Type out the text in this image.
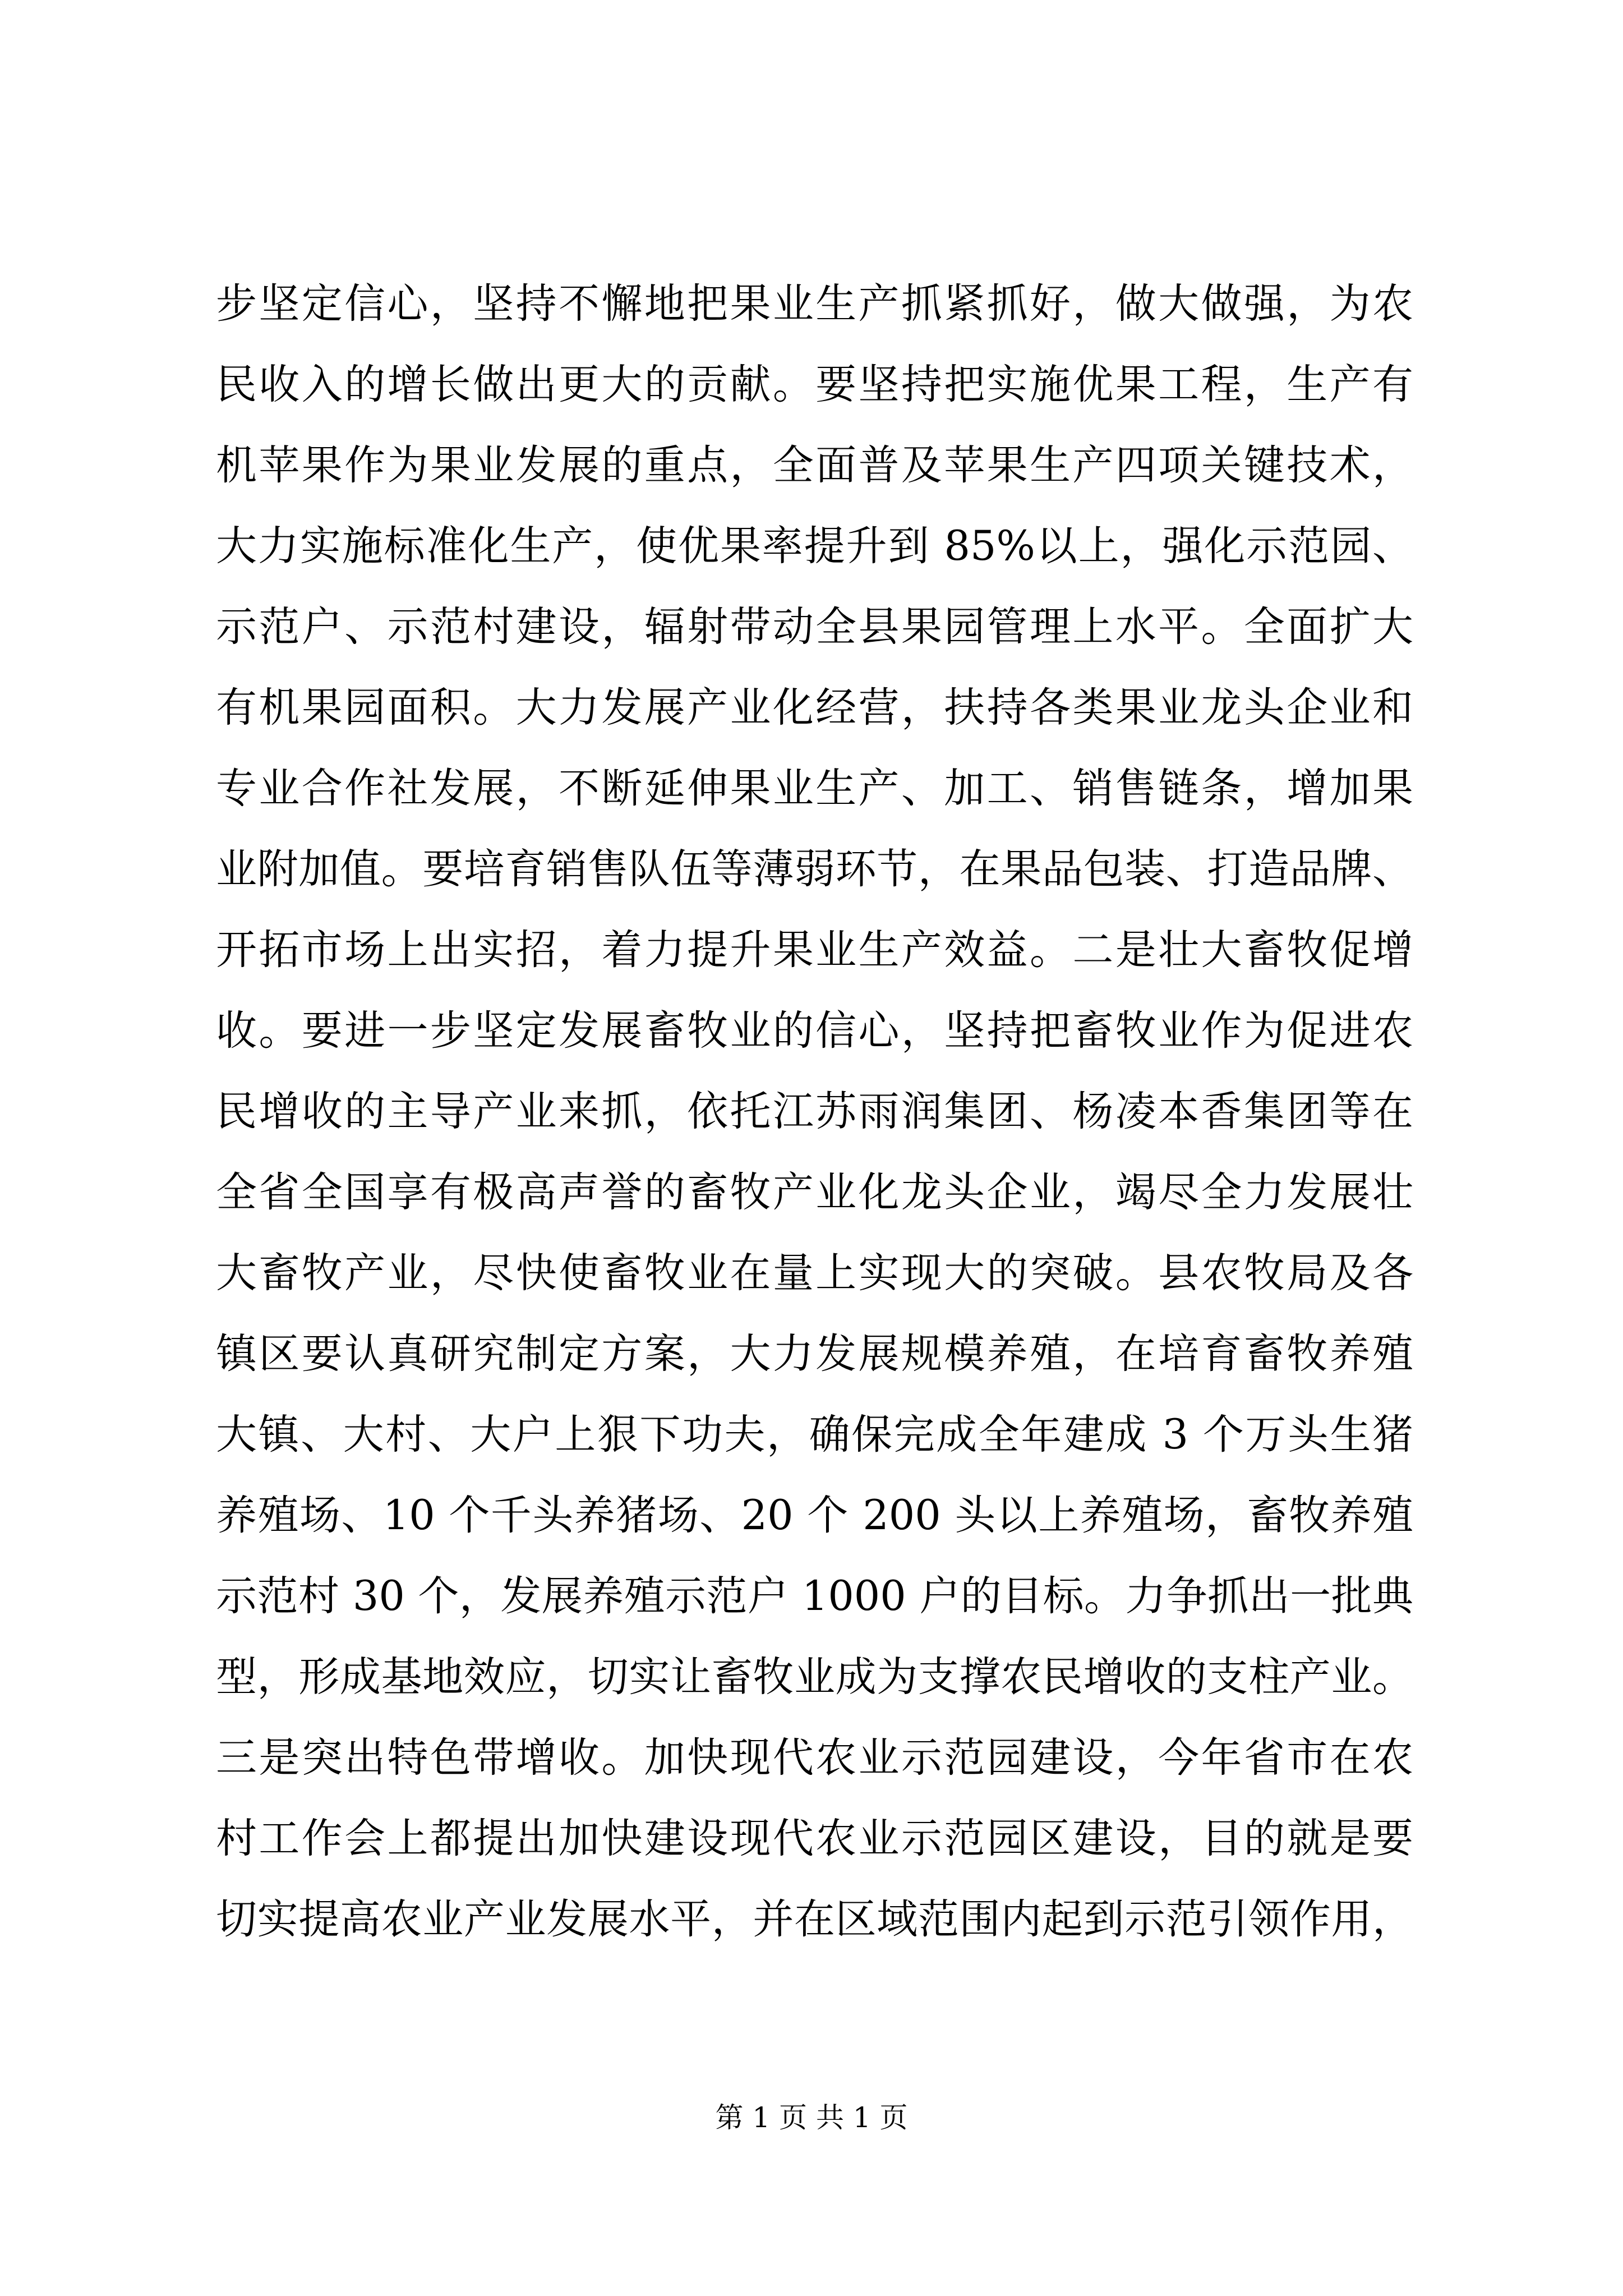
步坚定信心，坚持不懈地把果业生产抓紧抓好，做大做强，为农
民收入的增长做出更大的贡献。要坚持把实施优果工程，生产有
机苹果作为果业发展的重点，全面普及苹果生产四项关键技术，
大力实施标准化生产，使优果率提升到 85%以上，强化示范园、
示范户、示范村建设，辐射带动全县果园管理上水平。全面扩大
有机果园面积。大力发展产业化经营，扶持各类果业龙头企业和
专业合作社发展，不断延伸果业生产、加工、销售链条，增加果
业附加值。要培育销售队伍等薄弱环节，在果品包装、打造品牌、
开拓市场上出实招，着力提升果业生产效益。二是壮大畜牧促增
收。要进一步坚定发展畜牧业的信心，坚持把畜牧业作为促进农
民增收的主导产业来抓，依托江苏雨润集团、杨凌本香集团等在
全省全国享有极高声誉的畜牧产业化龙头企业，竭尽全力发展壮
大畜牧产业，尽快使畜牧业在量上实现大的突破。县农牧局及各
镇区要认真研究制定方案，大力发展规模养殖，在培育畜牧养殖
大镇、大村、大户上狠下功夫，确保完成全年建成 3 个万头生猪
养殖场、10 个千头养猪场、20 个 200 头以上养殖场，畜牧养殖
示范村 30 个，发展养殖示范户 1000 户的目标。力争抓出一批典
型，形成基地效应，切实让畜牧业成为支撑农民增收的支柱产业。
三是突出特色带增收。加快现代农业示范园建设，今年省市在农
村工作会上都提出加快建设现代农业示范园区建设，目的就是要
切实提高农业产业发展水平，并在区域范围内起到示范引领作用，
第 1 页 共 1 页
